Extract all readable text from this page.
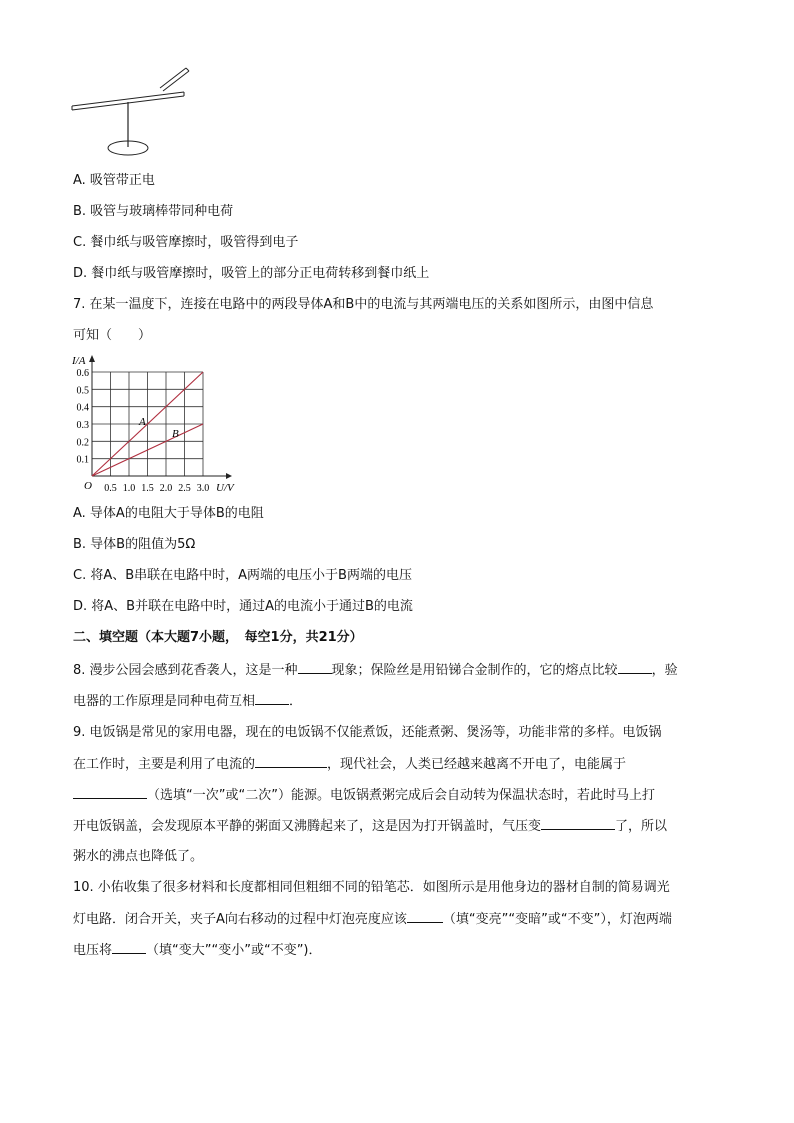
A. 吸管带正电
B. 吸管与玻璃棒带同种电荷
C. 餐巾纸与吸管摩擦时，吸管得到电子
D. 餐巾纸与吸管摩擦时，吸管上的部分正电荷转移到餐巾纸上
7. 在某一温度下，连接在电路中的两段导体A和B中的电流与其两端电压的关系如图所示，由图中信息
可知（　　）
I/A
U/V
O
0.1
0.2
0.3
0.4
0.5
0.6
0.5 1.0 1.5 2.0 2.5 3.0
A
B
A. 导体A的电阻大于导体B的电阻
B. 导体B的阻值为5Ω
C. 将A、B串联在电路中时，A两端的电压小于B两端的电压
D. 将A、B并联在电路中时，通过A的电流小于通过B的电流
二、填空题（本大题7小题，　每空1分，共21分）
8. 漫步公园会感到花香袭人，这是一种	现象；保险丝是用铅锑合金制作的，它的熔点比较	，验
电器的工作原理是同种电荷互相	．
9. 电饭锅是常见的家用电器，现在的电饭锅不仅能煮饭，还能煮粥、煲汤等，功能非常的多样。电饭锅
在工作时，主要是利用了电流的	，现代社会，人类已经越来越离不开电了，电能属于
（选填“一次”或“二次”）能源。电饭锅煮粥完成后会自动转为保温状态时，若此时马上打
开电饭锅盖，会发现原本平静的粥面又沸腾起来了，这是因为打开锅盖时，气压变	了，所以
粥水的沸点也降低了。
10. 小佑收集了很多材料和长度都相同但粗细不同的铅笔芯．如图所示是用他身边的器材自制的简易调光
灯电路．闭合开关，夹子A向右移动的过程中灯泡亮度应该	（填“变亮”“变暗”或“不变”），灯泡两端
电压将	（填“变大”“变小”或“不变”)．
